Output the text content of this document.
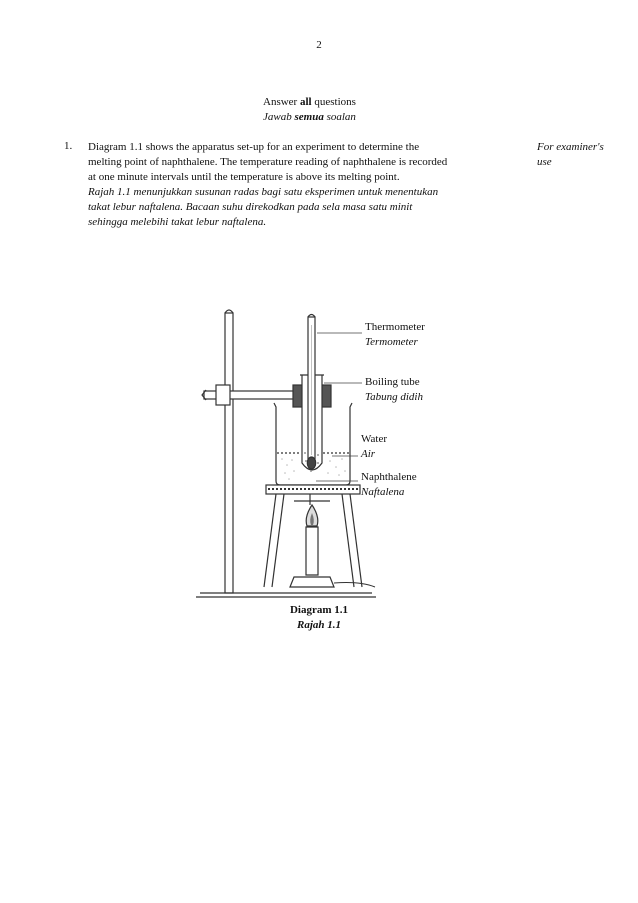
2
Answer all questions
Jawab semua soalan
1. Diagram 1.1 shows the apparatus set-up for an experiment to determine the

melting point of naphthalene. The temperature reading of naphthalene is recorded

at one minute intervals until the temperature is above its melting point.

Rajah 1.1 menunjukkan susunan radas bagi satu eksperimen untuk menentukan

takat lebur naftalena. Bacaan suhu direkodkan pada sela masa satu minit

sehingga melebihi takat lebur naftalena.

For examiner's
use
Thermometer
Termometer
Boiling tube
Tabung didih
Water
Air
Naphthalene
Naftalena
Diagram 1.1
Rajah 1.1
